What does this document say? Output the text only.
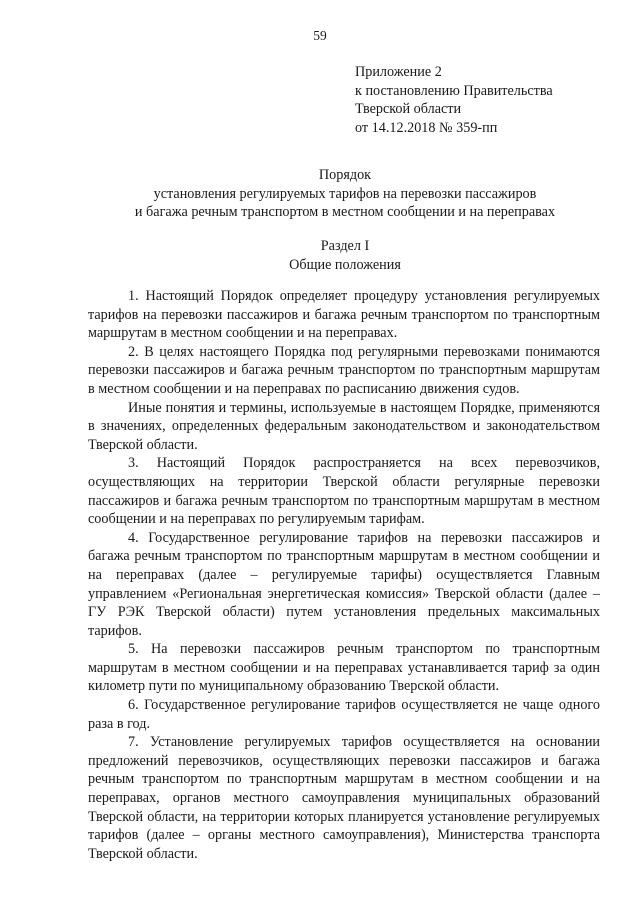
59
Приложение 2
к постановлению Правительства
Тверской области
от 14.12.2018 № 359-пп
Порядок
установления регулируемых тарифов на перевозки пассажиров
и багажа речным транспортом в местном сообщении и на переправах
Раздел I
Общие положения

1. Настоящий Порядок определяет процедуру установления регулируемых тарифов на перевозки пассажиров и багажа речным транспортом по транспортным маршрутам в местном сообщении и на переправах.

2. В целях настоящего Порядка под регулярными перевозками понимаются перевозки пассажиров и багажа речным транспортом по транспортным маршрутам в местном сообщении и на переправах по расписанию движения судов.

Иные понятия и термины, используемые в настоящем Порядке, применяются в значениях, определенных федеральным законодательством и законодательством Тверской области.

3. Настоящий Порядок распространяется на всех перевозчиков, осуществляющих на территории Тверской области регулярные перевозки пассажиров и багажа речным транспортом по транспортным маршрутам в местном сообщении и на переправах по регулируемым тарифам.

4. Государственное регулирование тарифов на перевозки пассажиров и багажа речным транспортом по транспортным маршрутам в местном сообщении и на переправах (далее – регулируемые тарифы) осуществляется Главным управлением «Региональная энергетическая комиссия» Тверской области (далее – ГУ РЭК Тверской области) путем установления предельных максимальных тарифов.

5. На перевозки пассажиров речным транспортом по транспортным маршрутам в местном сообщении и на переправах устанавливается тариф за один километр пути по муниципальному образованию Тверской области.

6. Государственное регулирование тарифов осуществляется не чаще одного раза в год.

7. Установление регулируемых тарифов осуществляется на основании предложений перевозчиков, осуществляющих перевозки пассажиров и багажа речным транспортом по транспортным маршрутам в местном сообщении и на переправах, органов местного самоуправления муниципальных образований Тверской области, на территории которых планируется установление регулируемых тарифов (далее – органы местного самоуправления), Министерства транспорта Тверской области.
